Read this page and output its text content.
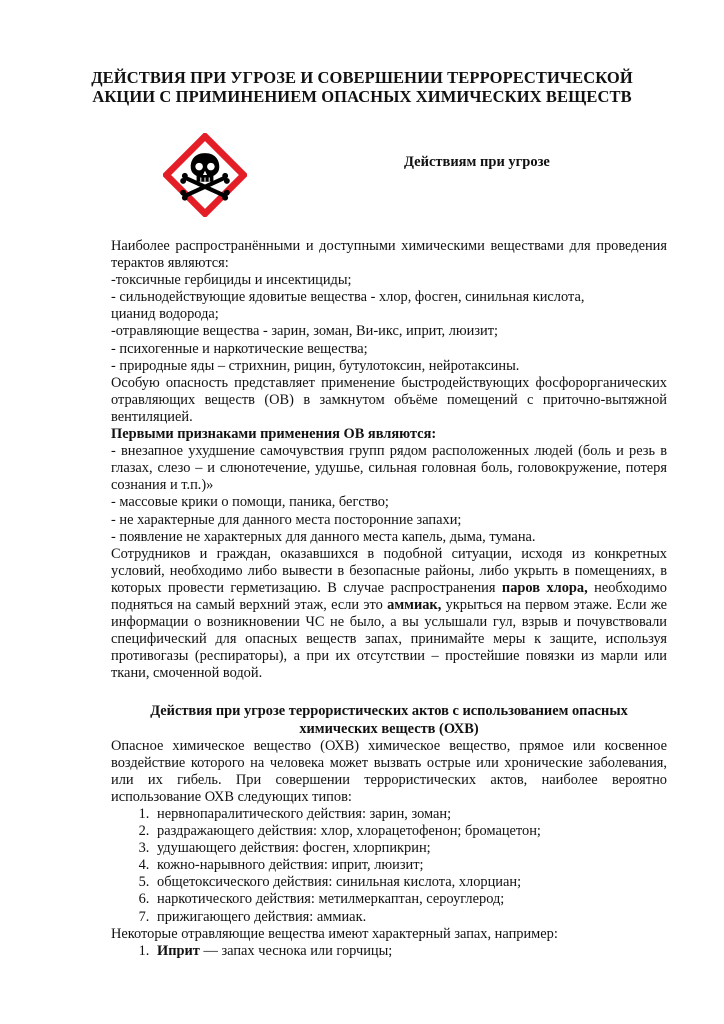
ДЕЙСТВИЯ ПРИ УГРОЗЕ И СОВЕРШЕНИИ ТЕРРОРЕСТИЧЕСКОЙ
АКЦИИ С ПРИМИНЕНИЕМ ОПАСНЫХ ХИМИЧЕСКИХ ВЕЩЕСТВ
Действиям при угрозе

Наиболее распространёнными и доступными химическими веществами для проведения терактов являются:

-токсичные гербициды и инсектициды;

- сильнодействующие ядовитые вещества - хлор, фосген, синильная кислота,

цианид водорода;

-отравляющие вещества - зарин, зоман, Ви-икс, иприт, люизит;

- психогенные и наркотические вещества;

- природные яды – стрихнин, рицин, бутулотоксин, нейротаксины.

Особую опасность представляет применение быстродействующих фосфорорганических отравляющих веществ (ОВ) в замкнутом объёме помещений с приточно-вытяжной вентиляцией.

Первыми признаками применения ОВ являются:

- внезапное ухудшение самочувствия групп рядом расположенных людей (боль и резь в глазах, слезо – и слюнотечение, удушье, сильная головная боль, головокружение, потеря сознания и т.п.)»

- массовые крики о помощи, паника, бегство;

- не характерные для данного места посторонние запахи;

- появление не характерных для данного места капель, дыма, тумана.

Сотрудников и граждан, оказавшихся в подобной ситуации, исходя из конкретных условий, необходимо либо вывести в безопасные районы, либо укрыть в помещениях, в которых провести герметизацию. В случае распространения паров хлора, необходимо подняться на самый верхний этаж, если это аммиак, укрыться на первом этаже. Если же информации о возникновении ЧС не было, а вы услышали гул, взрыв и почувствовали специфический для опасных веществ запах, принимайте меры к защите, используя противогазы (респираторы), а при их отсутствии – простейшие повязки из марли или ткани, смоченной водой.

Действия при угрозе террористических актов с использованием опасных
химических веществ (ОХВ)

Опасное химическое вещество (ОХВ) химическое вещество, прямое или косвенное воздействие которого на человека может вызвать острые или хронические заболевания, или их гибель. При совершении террористических актов, наиболее вероятно использование ОХВ следующих типов:

1. нервнопаралитического действия: зарин, зоман;
2. раздражающего действия: хлор, хлорацетофенон; бромацетон;
3. удушающего действия: фосген, хлорпикрин;
4. кожно-нарывного действия: иприт, люизит;
5. общетоксического действия: синильная кислота, хлорциан;
6. наркотического действия: метилмеркаптан, сероуглерод;
7. прижигающего действия: аммиак.

Некоторые отравляющие вещества имеют характерный запах, например:

1. Иприт — запах чеснока или горчицы;
